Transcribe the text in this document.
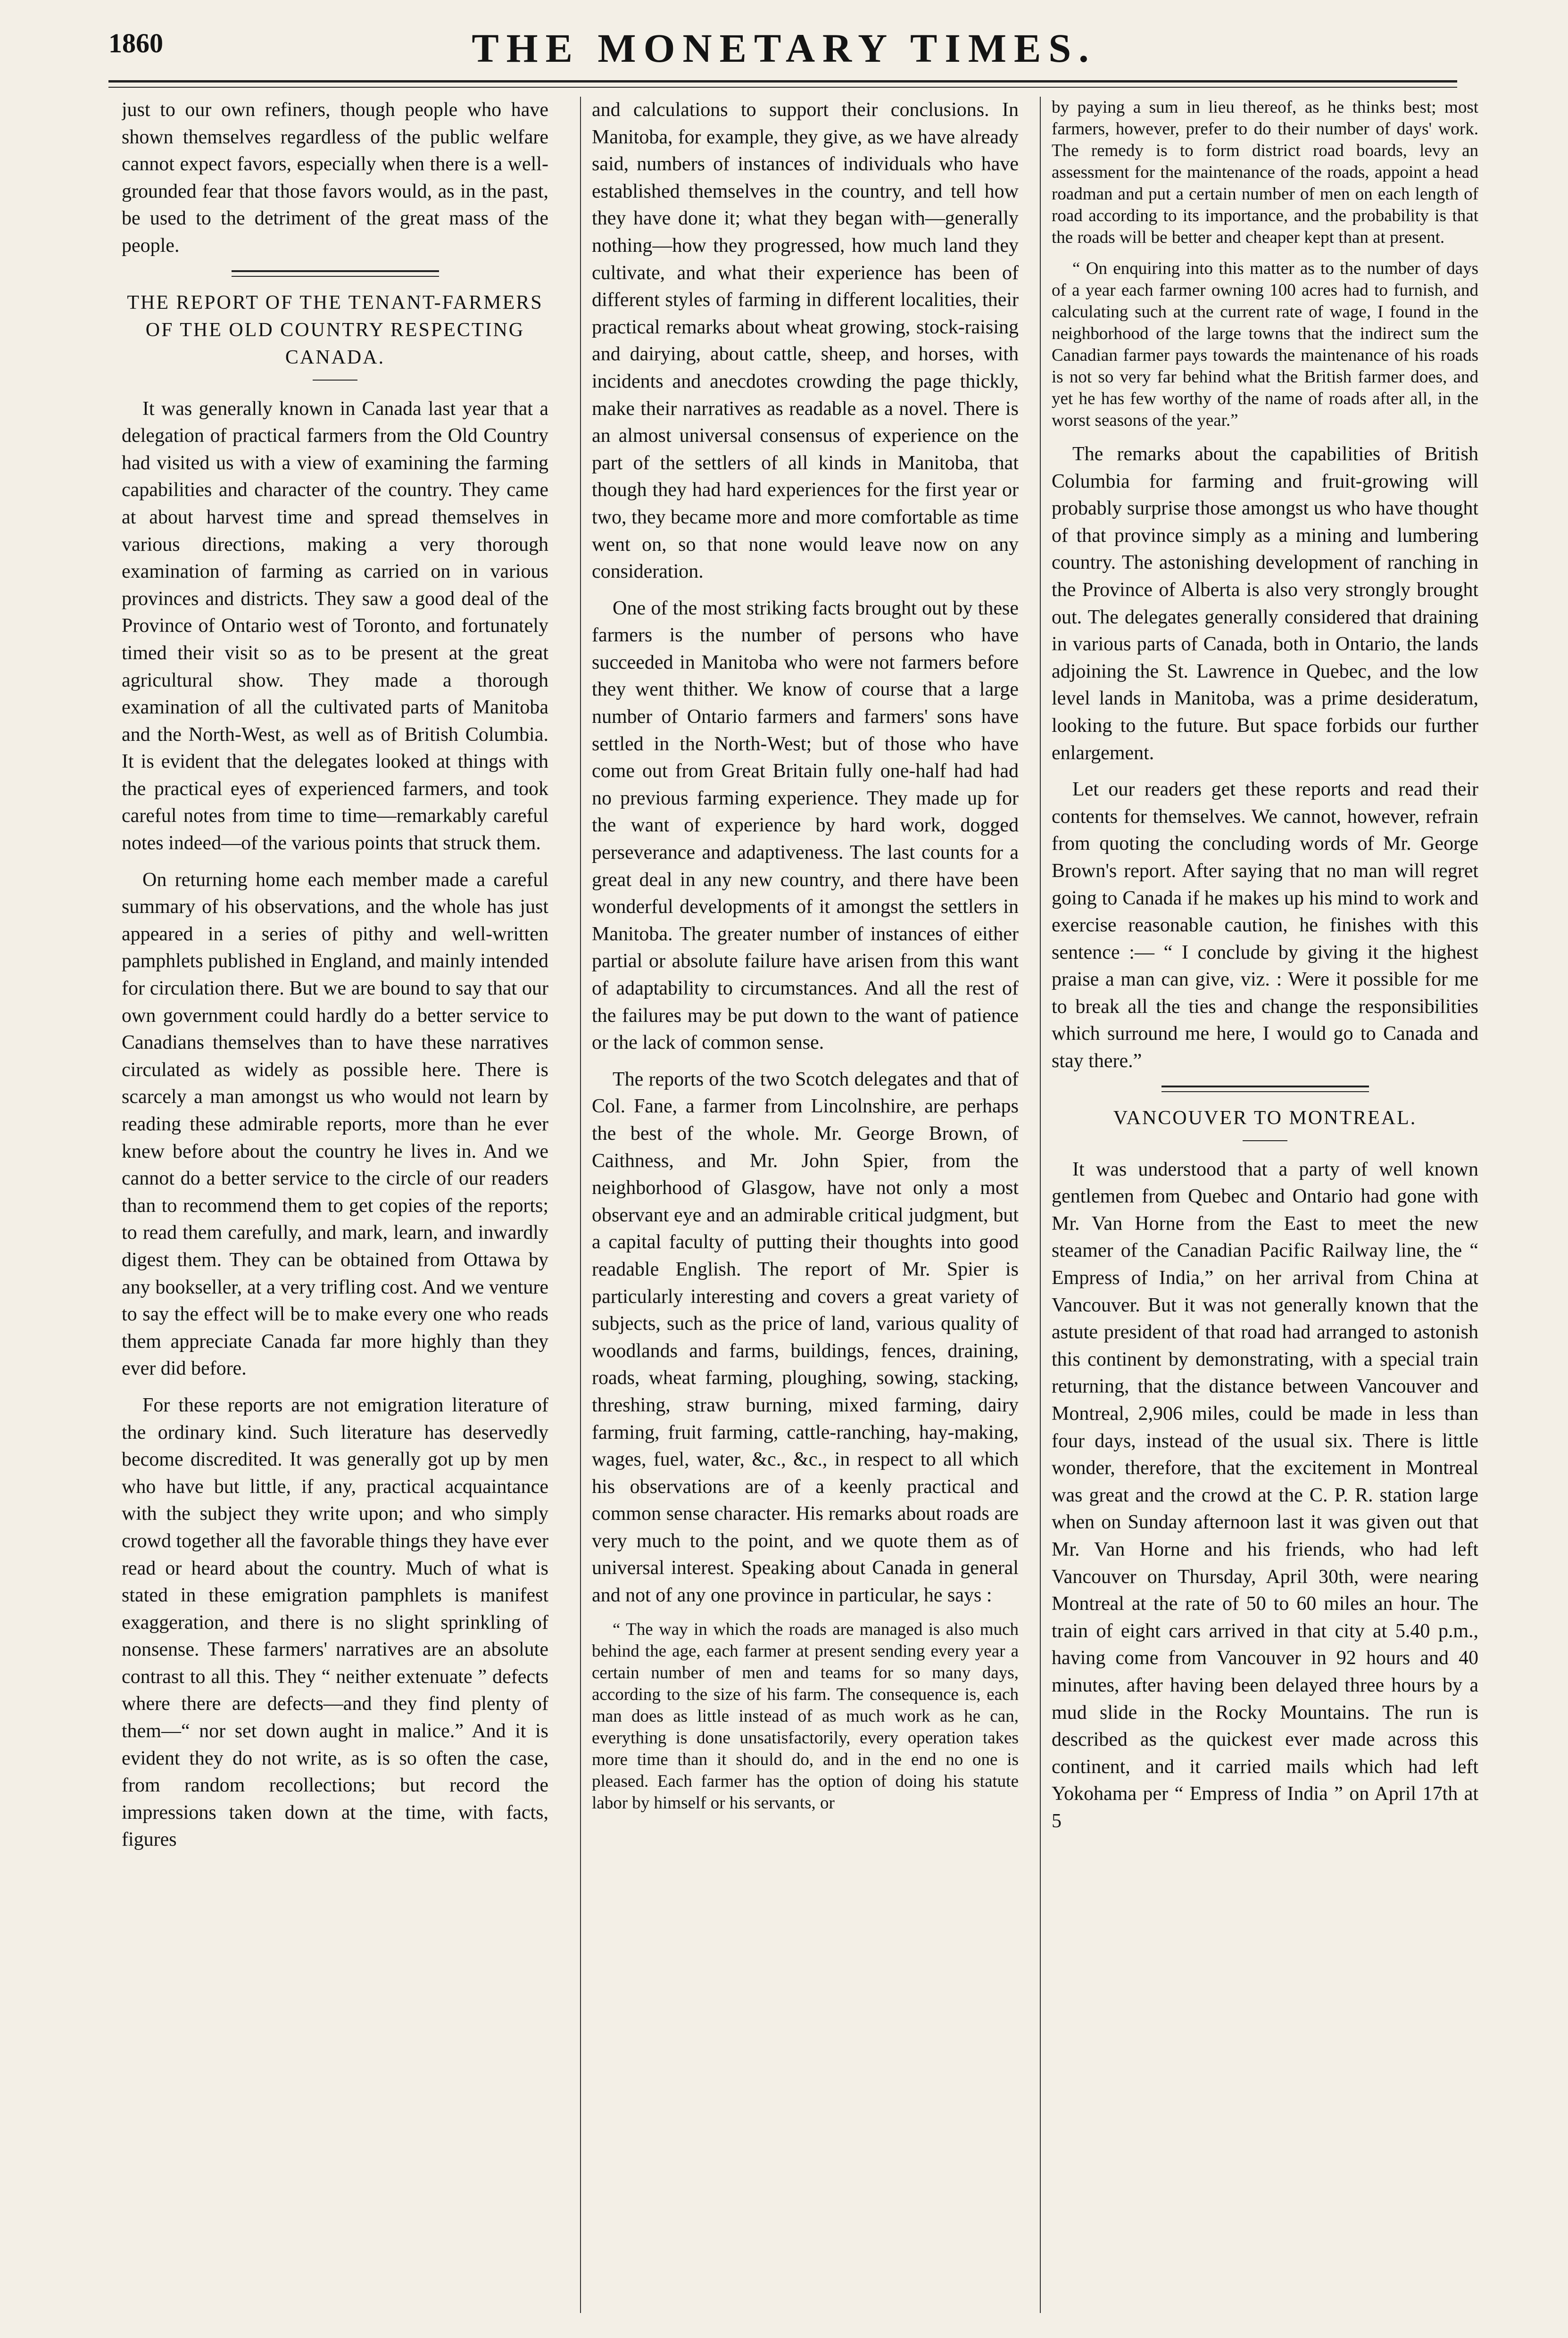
1860	THE MONETARY TIMES.

just to our own refiners, though people who have shown themselves regardless of the public welfare cannot expect favors, especially when there is a well-grounded fear that those favors would, as in the past, be used to the detriment of the great mass of the people.

THE REPORT OF THE TENANT-FARMERS OF THE OLD COUNTRY RESPECTING CANADA.

It was generally known in Canada last year that a delegation of practical farmers from the Old Country had visited us with a view of examining the farming capabilities and character of the country. They came at about harvest time and spread themselves in various directions, making a very thorough examination of farming as carried on in various provinces and districts. They saw a good deal of the Province of Ontario west of Toronto, and fortunately timed their visit so as to be present at the great agricultural show. They made a thorough examination of all the cultivated parts of Manitoba and the North-West, as well as of British Columbia. It is evident that the delegates looked at things with the practical eyes of experienced farmers, and took careful notes from time to time—remarkably careful notes indeed—of the various points that struck them.

On returning home each member made a careful summary of his observations, and the whole has just appeared in a series of pithy and well-written pamphlets published in England, and mainly intended for circulation there. But we are bound to say that our own government could hardly do a better service to Canadians themselves than to have these narratives circulated as widely as possible here. There is scarcely a man amongst us who would not learn by reading these admirable reports, more than he ever knew before about the country he lives in. And we cannot do a better service to the circle of our readers than to recommend them to get copies of the reports; to read them carefully, and mark, learn, and inwardly digest them. They can be obtained from Ottawa by any bookseller, at a very trifling cost. And we venture to say the effect will be to make every one who reads them appreciate Canada far more highly than they ever did before.

For these reports are not emigration literature of the ordinary kind. Such literature has deservedly become discredited. It was generally got up by men who have but little, if any, practical acquaintance with the subject they write upon; and who simply crowd together all the favorable things they have ever read or heard about the country. Much of what is stated in these emigration pamphlets is manifest exaggeration, and there is no slight sprinkling of nonsense. These farmers' narratives are an absolute contrast to all this. They “ neither extenuate ” defects where there are defects—and they find plenty of them—“ nor set down aught in malice.” And it is evident they do not write, as is so often the case, from random recollections; but record the impressions taken down at the time, with facts, figures

and calculations to support their conclusions. In Manitoba, for example, they give, as we have already said, numbers of instances of individuals who have established themselves in the country, and tell how they have done it; what they began with—generally nothing—how they progressed, how much land they cultivate, and what their experience has been of different styles of farming in different localities, their practical remarks about wheat growing, stock-raising and dairying, about cattle, sheep, and horses, with incidents and anecdotes crowding the page thickly, make their narratives as readable as a novel. There is an almost universal consensus of experience on the part of the settlers of all kinds in Manitoba, that though they had hard experiences for the first year or two, they became more and more comfortable as time went on, so that none would leave now on any consideration.

One of the most striking facts brought out by these farmers is the number of persons who have succeeded in Manitoba who were not farmers before they went thither. We know of course that a large number of Ontario farmers and farmers' sons have settled in the North-West; but of those who have come out from Great Britain fully one-half had had no previous farming experience. They made up for the want of experience by hard work, dogged perseverance and adaptiveness. The last counts for a great deal in any new country, and there have been wonderful developments of it amongst the settlers in Manitoba. The greater number of instances of either partial or absolute failure have arisen from this want of adaptability to circumstances. And all the rest of the failures may be put down to the want of patience or the lack of common sense.

The reports of the two Scotch delegates and that of Col. Fane, a farmer from Lincolnshire, are perhaps the best of the whole. Mr. George Brown, of Caithness, and Mr. John Spier, from the neighborhood of Glasgow, have not only a most observant eye and an admirable critical judgment, but a capital faculty of putting their thoughts into good readable English. The report of Mr. Spier is particularly interesting and covers a great variety of subjects, such as the price of land, various quality of woodlands and farms, buildings, fences, draining, roads, wheat farming, ploughing, sowing, stacking, threshing, straw burning, mixed farming, dairy farming, fruit farming, cattle-ranching, hay-making, wages, fuel, water, &c., &c., in respect to all which his observations are of a keenly practical and common sense character. His remarks about roads are very much to the point, and we quote them as of universal interest. Speaking about Canada in general and not of any one province in particular, he says :

“ The way in which the roads are managed is also much behind the age, each farmer at present sending every year a certain number of men and teams for so many days, according to the size of his farm. The consequence is, each man does as little instead of as much work as he can, everything is done unsatisfactorily, every operation takes more time than it should do, and in the end no one is pleased. Each farmer has the option of doing his statute labor by himself or his servants, or

by paying a sum in lieu thereof, as he thinks best; most farmers, however, prefer to do their number of days' work. The remedy is to form district road boards, levy an assessment for the maintenance of the roads, appoint a head roadman and put a certain number of men on each length of road according to its importance, and the probability is that the roads will be better and cheaper kept than at present.

“ On enquiring into this matter as to the number of days of a year each farmer owning 100 acres had to furnish, and calculating such at the current rate of wage, I found in the neighborhood of the large towns that the indirect sum the Canadian farmer pays towards the maintenance of his roads is not so very far behind what the British farmer does, and yet he has few worthy of the name of roads after all, in the worst seasons of the year.”

The remarks about the capabilities of British Columbia for farming and fruit-growing will probably surprise those amongst us who have thought of that province simply as a mining and lumbering country. The astonishing development of ranching in the Province of Alberta is also very strongly brought out. The delegates generally considered that draining in various parts of Canada, both in Ontario, the lands adjoining the St. Lawrence in Quebec, and the low level lands in Manitoba, was a prime desideratum, looking to the future. But space forbids our further enlargement.

Let our readers get these reports and read their contents for themselves. We cannot, however, refrain from quoting the concluding words of Mr. George Brown's report. After saying that no man will regret going to Canada if he makes up his mind to work and exercise reasonable caution, he finishes with this sentence :— “ I conclude by giving it the highest praise a man can give, viz. : Were it possible for me to break all the ties and change the responsibilities which surround me here, I would go to Canada and stay there.”

VANCOUVER TO MONTREAL.

It was understood that a party of well known gentlemen from Quebec and Ontario had gone with Mr. Van Horne from the East to meet the new steamer of the Canadian Pacific Railway line, the “ Empress of India,” on her arrival from China at Vancouver. But it was not generally known that the astute president of that road had arranged to astonish this continent by demonstrating, with a special train returning, that the distance between Vancouver and Montreal, 2,906 miles, could be made in less than four days, instead of the usual six. There is little wonder, therefore, that the excitement in Montreal was great and the crowd at the C. P. R. station large when on Sunday afternoon last it was given out that Mr. Van Horne and his friends, who had left Vancouver on Thursday, April 30th, were nearing Montreal at the rate of 50 to 60 miles an hour. The train of eight cars arrived in that city at 5.40 p.m., having come from Vancouver in 92 hours and 40 minutes, after having been delayed three hours by a mud slide in the Rocky Mountains. The run is described as the quickest ever made across this continent, and it carried mails which had left Yokohama per “ Empress of India ” on April 17th at 5
